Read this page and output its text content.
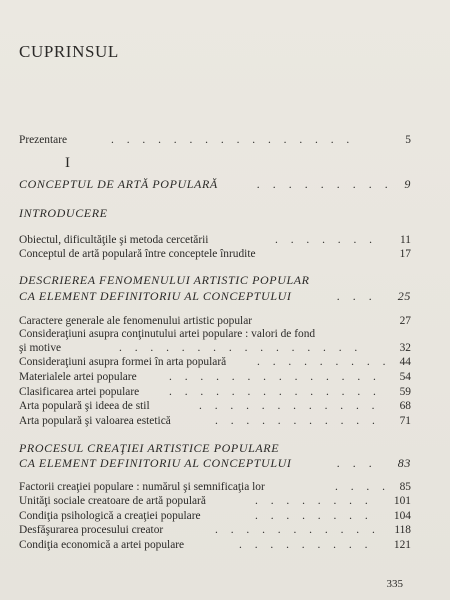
CUPRINSUL
I
Prezentare	. . . . . . . . . . . . . . . .	5
CONCEPTUL DE ARTĂ POPULARĂ	. . . . . . . . . 9
INTRODUCERE
Obiectul, dificultăţile şi metoda cercetării	. . . . . . . 11
Conceptul de artă populară între conceptele înrudite	17
DESCRIEREA FENOMENULUI ARTISTIC POPULAR
CA ELEMENT DEFINITORIU AL CONCEPTULUI	. . . 25
Caractere generale ale fenomenului artistic popular	27
Consideraţiuni asupra conţinutului artei populare : valori de fond
şi motive	. . . . . . . . . . . . . . . .	32
Consideraţiuni asupra formei în arta populară	. . . . . . . . . 44
Materialele artei populare	. . . . . . . . . . . . . . 54
Clasificarea artei populare	. . . . . . . . . . . . . . 59
Arta populară şi ideea de stil	. . . . . . . . . . . . 68
Arta populară şi valoarea estetică	. . . . . . . . . . . 71
PROCESUL CREAŢIEI ARTISTICE POPULARE
CA ELEMENT DEFINITORIU AL CONCEPTULUI	. . . 83
Factorii creaţiei populare : numărul şi semnificaţia lor	. . . . 85
Unităţi sociale creatoare de artă populară	. . . . . . . . 101
Condiţia psihologică a creaţiei populare	. . . . . . . . 104
Desfăşurarea procesului creator	. . . . . . . . . . . 118
Condiţia economică a artei populare	. . . . . . . . . 121
335
